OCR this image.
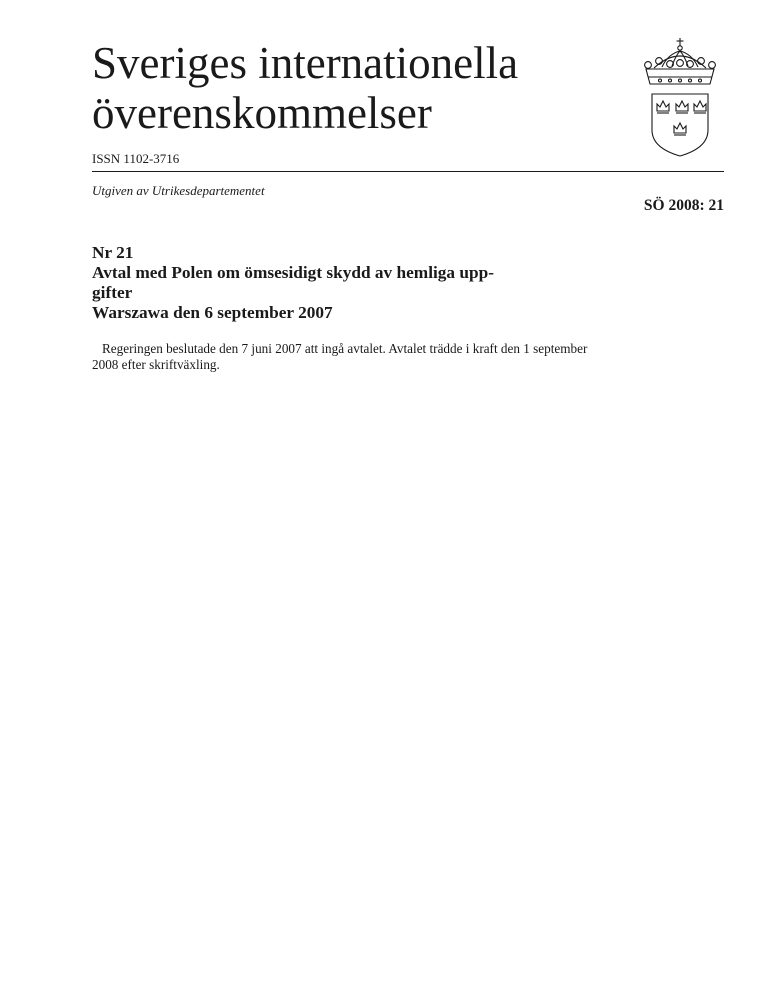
Sveriges internationella
överenskommelser
ISSN 1102-3716
Utgiven av Utrikesdepartementet
SÖ 2008: 21
Nr 21
Avtal med Polen om ömsesidigt skydd av hemliga upp-
gifter
Warszawa den 6 september 2007

Regeringen beslutade den 7 juni 2007 att ingå avtalet. Avtalet trädde i kraft den 1 september 2008 efter skriftväxling.
